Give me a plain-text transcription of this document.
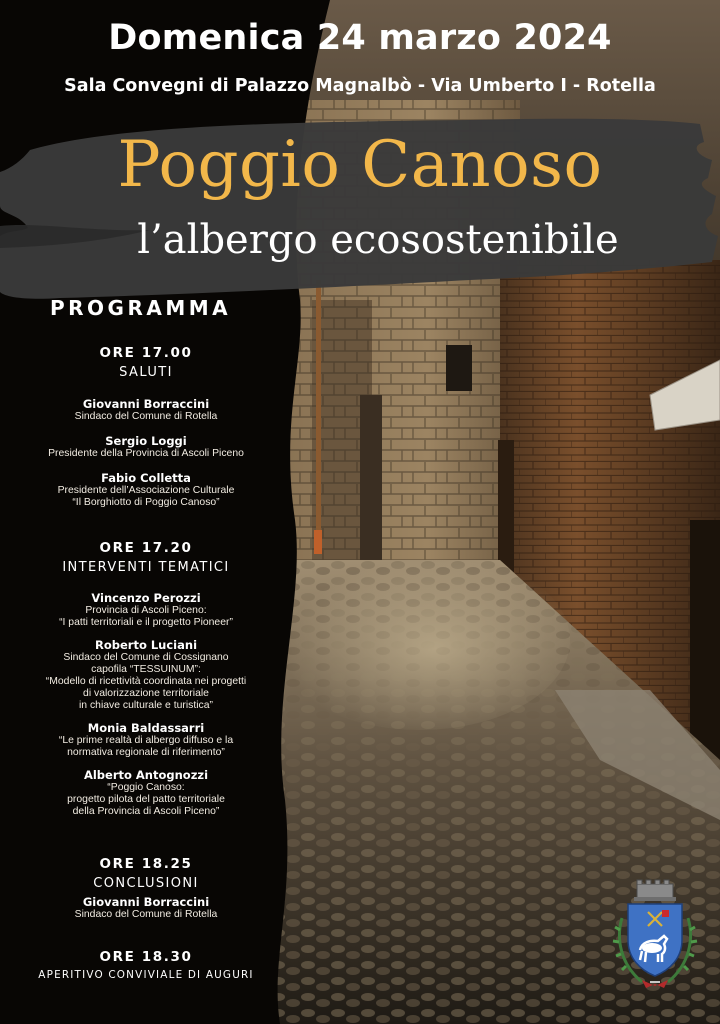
Domenica 24 marzo 2024
Sala Convegni di Palazzo Magnalbò - Via Umberto I - Rotella
Poggio Canoso
l’albergo ecosostenibile
PROGRAMMA
ORE 17.00
SALUTI
Giovanni Borraccini
Sindaco del Comune di Rotella
Sergio Loggi
Presidente della Provincia di Ascoli Piceno
Fabio Colletta
Presidente dell’Associazione Culturale
“Il Borghiotto di Poggio Canoso”
ORE 17.20
INTERVENTI TEMATICI
Vincenzo Perozzi
Provincia di Ascoli Piceno:
“I patti territoriali e il progetto Pioneer”
Roberto Luciani
Sindaco del Comune di Cossignano
capofila “TESSUINUM”:
“Modello di ricettività coordinata nei progetti
di valorizzazione territoriale
in chiave culturale e turistica”
Monia Baldassarri
“Le prime realtà di albergo diffuso e la
normativa regionale di riferimento”
Alberto Antognozzi
“Poggio Canoso:
progetto pilota del patto territoriale
della Provincia di Ascoli Piceno”
ORE 18.25
CONCLUSIONI
Giovanni Borraccini
Sindaco del Comune di Rotella
ORE 18.30
APERITIVO CONVIVIALE DI AUGURI
